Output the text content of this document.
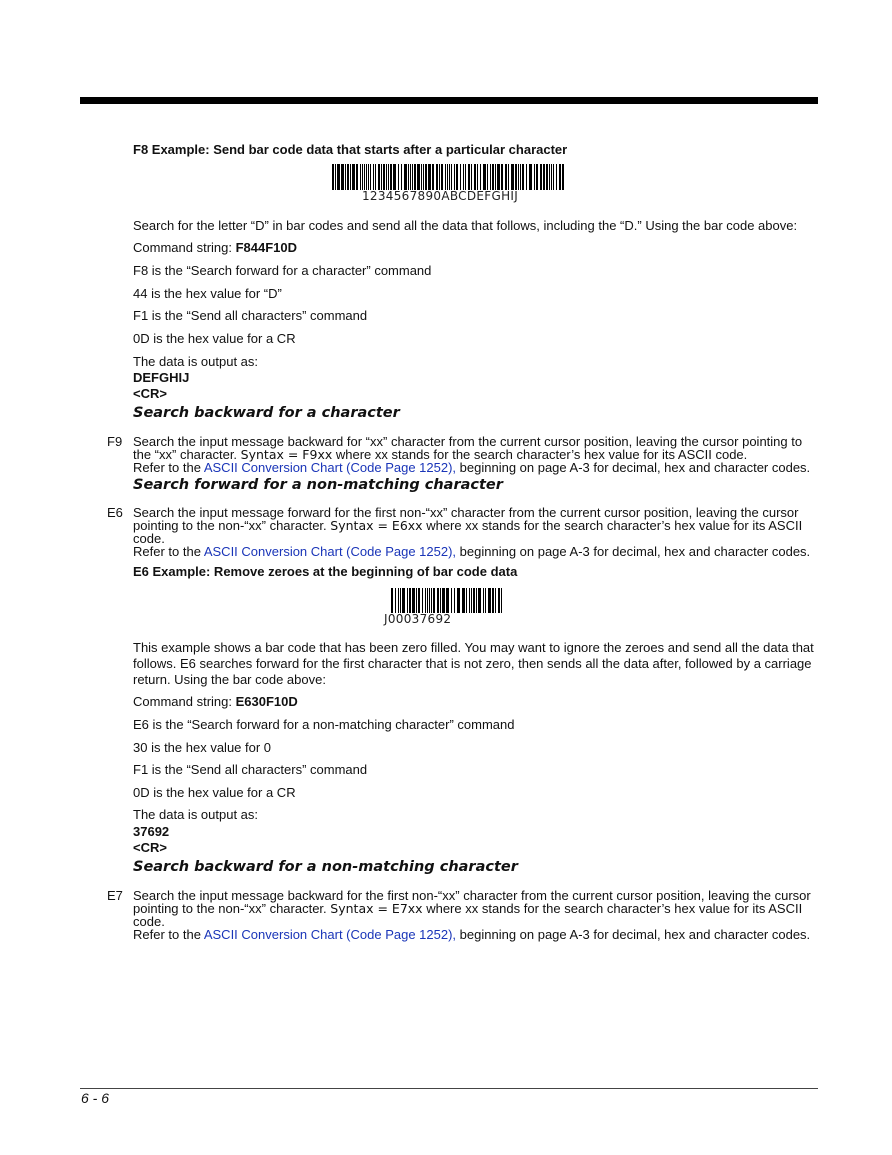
F8 Example: Send bar code data that starts after a particular character
1234567890ABCDEFGHIJ
Search for the letter “D” in bar codes and send all the data that follows, including the “D.” Using the bar code above:
Command string: F844F10D
F8 is the “Search forward for a character” command
44 is the hex value for “D”
F1 is the “Send all characters” command
0D is the hex value for a CR
The data is output as:
DEFGHIJ
<CR>
Search backward for a character
F9 Search the input message backward for “xx” character from the current cursor position, leaving the cursor pointing to
the “xx” character. Syntax = F9xx where xx stands for the search character’s hex value for its ASCII code.
Refer to the ASCII Conversion Chart (Code Page 1252), beginning on page A-3 for decimal, hex and character codes.
Search forward for a non-matching character
E6 Search the input message forward for the first non-“xx” character from the current cursor position, leaving the cursor
pointing to the non-“xx” character. Syntax = E6xx where xx stands for the search character’s hex value for its ASCII
code.
Refer to the ASCII Conversion Chart (Code Page 1252), beginning on page A-3 for decimal, hex and character codes.
E6 Example: Remove zeroes at the beginning of bar code data
J00037692
This example shows a bar code that has been zero filled. You may want to ignore the zeroes and send all the data that
follows. E6 searches forward for the first character that is not zero, then sends all the data after, followed by a carriage
return. Using the bar code above:
Command string: E630F10D
E6 is the “Search forward for a non-matching character” command
30 is the hex value for 0
F1 is the “Send all characters” command
0D is the hex value for a CR
The data is output as:
37692
<CR>
Search backward for a non-matching character
E7 Search the input message backward for the first non-“xx” character from the current cursor position, leaving the cursor
pointing to the non-“xx” character. Syntax = E7xx where xx stands for the search character’s hex value for its ASCII
code.
Refer to the ASCII Conversion Chart (Code Page 1252), beginning on page A-3 for decimal, hex and character codes.
6 - 6
